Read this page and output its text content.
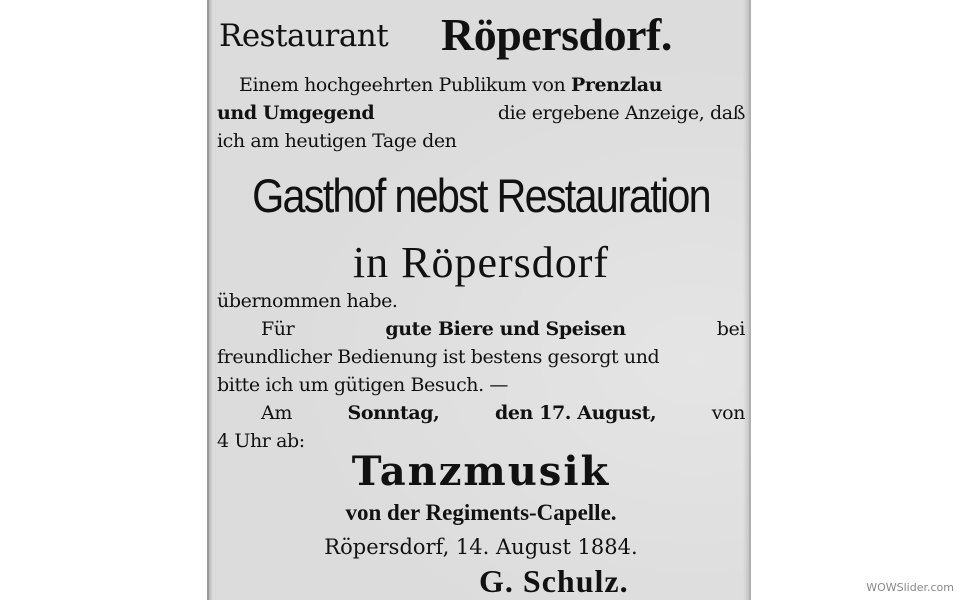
Restaurant Röpersdorf.
Einem hochgeehrten Publikum von Prenzlau
und Umgegend	die ergebene Anzeige, daß
ich am heutigen Tage den
Gasthof nebst Restauration
in Röpersdorf
übernommen habe.
Für	gute Biere und Speisen	bei
freundlicher Bedienung ist bestens gesorgt und
bitte ich um gütigen Besuch. —
Am	Sonntag,	den 17. August,	von
4 Uhr ab:
Tanzmusik
von der Regiments-Capelle.
Röpersdorf, 14. August 1884.
G. Schulz.	WOWSlider.com
